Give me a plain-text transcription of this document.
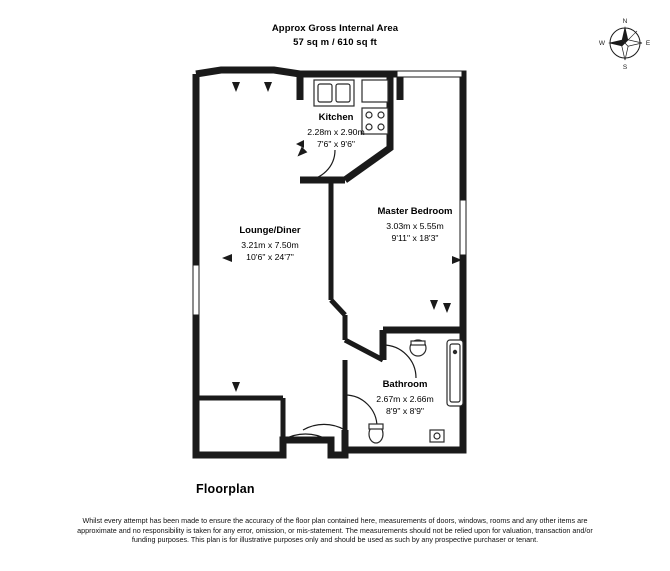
Approx Gross Internal Area
57 sq m / 610 sq ft
N
E
S
W
Kitchen
2.28m x 2.90m
7'6" x 9'6"
Lounge/Diner
3.21m x 7.50m
10'6" x 24'7"
Master Bedroom
3.03m x 5.55m
9'11" x 18'3"
Bathroom
2.67m x 2.66m
8'9" x 8'9"
Floorplan
Whilst every attempt has been made to ensure the accuracy of the floor plan contained here, measurements of doors, windows, rooms and any other items are approximate and no responsibility is taken for any error, omission, or mis-statement. The measurements should not be relied upon for valuation, transaction and/or funding purposes. This plan is for illustrative purposes only and should be used as such by any prospective purchaser or tenant.
